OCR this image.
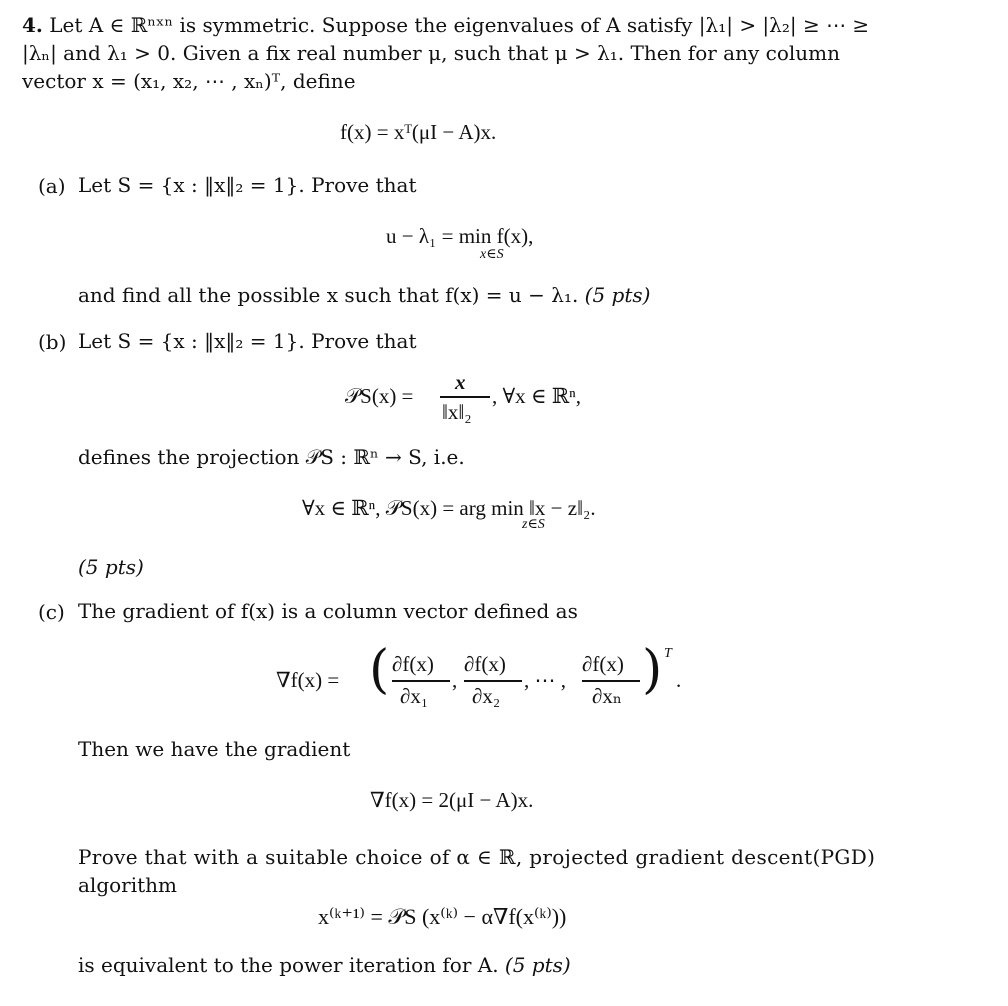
4. Let A ∈ ℝⁿˣⁿ is symmetric. Suppose the eigenvalues of A satisfy |λ₁| > |λ₂| ≥ ⋯ ≥
|λₙ| and λ₁ > 0. Given a fix real number μ, such that μ > λ₁. Then for any column
vector x = (x₁, x₂, ⋯ , xₙ)ᵀ, define
f(x) = xᵀ(μI − A)x.
(a) Let S = {x : ‖x‖₂ = 1}. Prove that
u − λ₁ = min f(x),
x∈S
and find all the possible x such that f(x) = u − λ₁. (5 pts)
(b) Let S = {x : ‖x‖₂ = 1}. Prove that
𝒫S(x) =
x
‖x‖₂
, ∀x ∈ ℝⁿ,
defines the projection 𝒫S : ℝⁿ → S, i.e.
∀x ∈ ℝⁿ, 𝒫S(x) = arg min ‖x − z‖₂.
z∈S
(5 pts)
(c) The gradient of f(x) is a column vector defined as
∇f(x) = ( ∂f(x)
∂x₁
,
∂f(x)
∂x₂
, ⋯ ,
∂f(x)
∂xₙ ) T
.
Then we have the gradient
∇f(x) = 2(μI − A)x.
Prove that with a suitable choice of α ∈ ℝ, projected gradient descent(PGD)
algorithm
x⁽ᵏ⁺¹⁾ = 𝒫S (x⁽ᵏ⁾ − α∇f(x⁽ᵏ⁾))
is equivalent to the power iteration for A. (5 pts)
